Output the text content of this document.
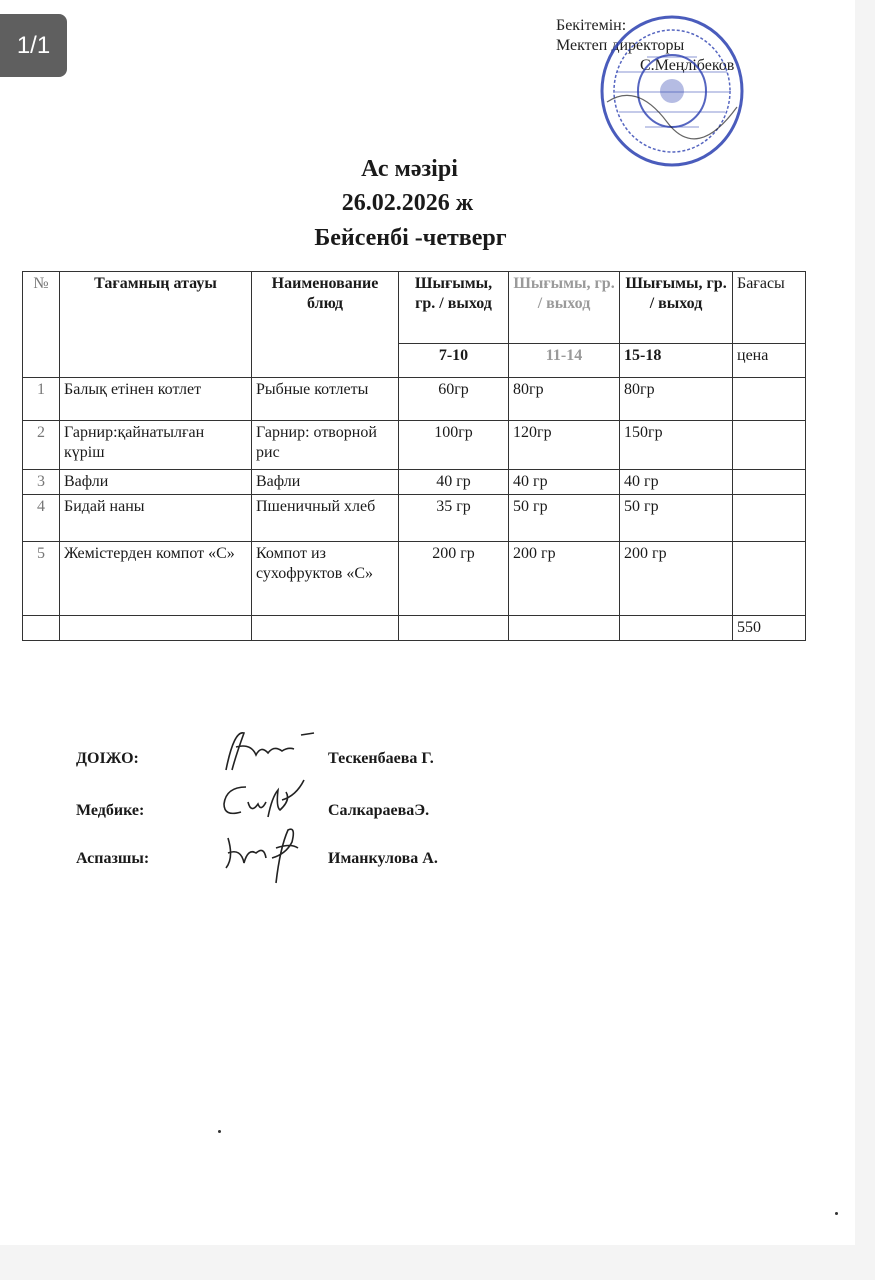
1/1
Бекітемін:
Мектеп директоры
С.Меңлібеков
Ас мәзірі
26.02.2026 ж
Бейсенбі -четверг
№	Тағамның атауы	Наименование блюд	Шығымы, гр. / выход	Шығымы, гр. / выход	Шығымы, гр. / выход	Бағасы
			7-10	11-14	15-18	цена
1	Балық етінен котлет	Рыбные котлеты	60гр	80гр	80гр	
2	Гарнир:қайнатылған күріш	Гарнир: отворной рис	100гр	120гр	150гр	
3	Вафли	Вафли	40 гр	40 гр	40 гр	
4	Бидай наны	Пшеничный хлеб	35 гр	50 гр	50 гр	
5	Жемістерден компот «С»	Компот из сухофруктов «С»	200 гр	200 гр	200 гр	
						550
ДОІЖО:	Тескенбаева Г.
Медбике:	СалкараеваЭ.
Аспазшы:	Иманкулова А.
